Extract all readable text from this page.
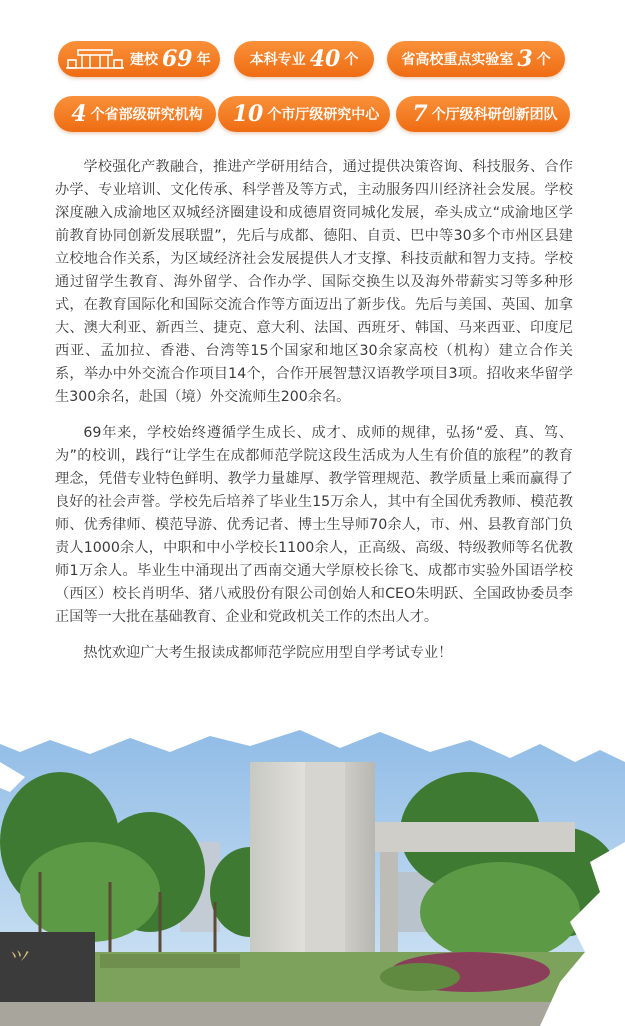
建校 69 年	本科专业 40 个	省高校重点实验室 3 个
4 个省部级研究机构 10 个市厅级研究中心 7 个厅级科研创新团队

学校强化产教融合，推进产学研用结合，通过提供决策咨询、科技服务、合作办学、专业培训、文化传承、科学普及等方式，主动服务四川经济社会发展。学校深度融入成渝地区双城经济圈建设和成德眉资同城化发展，牵头成立“成渝地区学前教育协同创新发展联盟”，先后与成都、德阳、自贡、巴中等30多个市州区县建立校地合作关系，为区域经济社会发展提供人才支撑、科技贡献和智力支持。学校通过留学生教育、海外留学、合作办学、国际交换生以及海外带薪实习等多种形式，在教育国际化和国际交流合作等方面迈出了新步伐。先后与美国、英国、加拿大、澳大利亚、新西兰、捷克、意大利、法国、西班牙、韩国、马来西亚、印度尼西亚、孟加拉、香港、台湾等15个国家和地区30余家高校（机构）建立合作关系，举办中外交流合作项目14个，合作开展智慧汉语教学项目3项。招收来华留学生300余名，赴国（境）外交流师生200余名。

69年来，学校始终遵循学生成长、成才、成师的规律，弘扬“爱、真、笃、为”的校训，践行“让学生在成都师范学院这段生活成为人生有价值的旅程”的教育理念，凭借专业特色鲜明、教学力量雄厚、教学管理规范、教学质量上乘而赢得了良好的社会声誉。学校先后培养了毕业生15万余人，其中有全国优秀教师、模范教师、优秀律师、模范导游、优秀记者、博士生导师70余人，市、州、县教育部门负责人1000余人，中职和中小学校长1100余人，正高级、高级、特级教师等名优教师1万余人。毕业生中涌现出了西南交通大学原校长徐飞、成都市实验外国语学校（西区）校长肖明华、猪八戒股份有限公司创始人和CEO朱明跃、全国政协委员李正国等一大批在基础教育、企业和党政机关工作的杰出人才。

热忱欢迎广大考生报读成都师范学院应用型自学考试专业！

⺍
